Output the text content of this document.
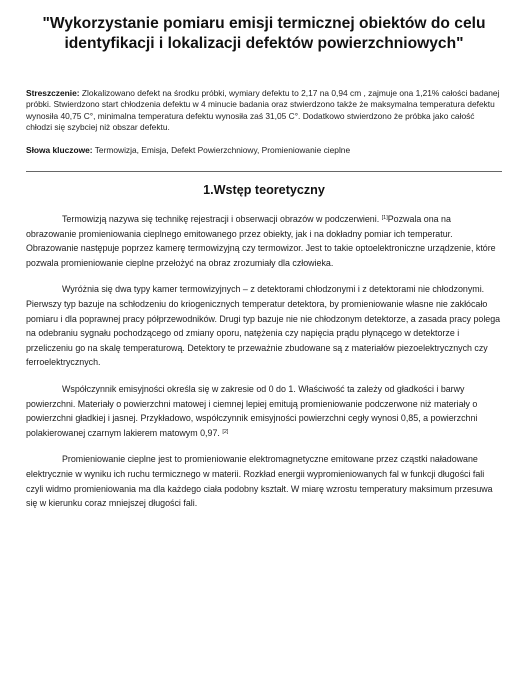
"Wykorzystanie pomiaru emisji termicznej obiektów do celu identyfikacji i lokalizacji defektów powierzchniowych"
Streszczenie: Zlokalizowano defekt na środku próbki, wymiary defektu to 2,17 na 0,94 cm , zajmuje ona 1,21% całości badanej próbki. Stwierdzono start chłodzenia defektu w 4 minucie badania oraz stwierdzono także że maksymalna temperatura defektu wynosiła 40,75 C°, minimalna temperatura defektu wynosiła zaś 31,05 C°. Dodatkowo stwierdzono że próbka jako całość chłodzi się szybciej niż obszar defektu.
Słowa kluczowe: Termowizja, Emisja, Defekt Powierzchniowy, Promieniowanie cieplne
1.Wstęp teoretyczny

Termowizją nazywa się technikę rejestracji i obserwacji obrazów w podczerwieni. [1]Pozwala ona na obrazowanie promieniowania cieplnego emitowanego przez obiekty, jak i na dokładny pomiar ich temperatur. Obrazowanie następuje poprzez kamerę termowizyjną czy termowizor. Jest to takie optoelektroniczne urządzenie, które pozwala promieniowanie cieplne przełożyć na obraz zrozumiały dla człowieka.

Wyróżnia się dwa typy kamer termowizyjnych – z detektorami chłodzonymi i z detektorami nie chłodzonymi. Pierwszy typ bazuje na schłodzeniu do kriogenicznych temperatur detektora, by promieniowanie własne nie zakłócało pomiaru i dla poprawnej pracy półprzewodników. Drugi typ bazuje nie nie chłodzonym detektorze, a zasada pracy polega na odebraniu sygnału pochodzącego od zmiany oporu, natężenia czy napięcia prądu płynącego w detektorze i przeliczeniu go na skalę temperaturową. Detektory te przeważnie zbudowane są z materiałów piezoelektrycznych czy ferroelektrycznych.

Współczynnik emisyjności określa się w zakresie od 0 do 1. Właściwość ta zależy od gładkości i barwy powierzchni. Materiały o powierzchni matowej i ciemnej lepiej emitują promieniowanie podczerwone niż materiały o powierzchni gładkiej i jasnej. Przykładowo, współczynnik emisyjności powierzchni cegły wynosi 0,85, a powierzchni polakierowanej czarnym lakierem matowym 0,97. [2]

Promieniowanie cieplne jest to promieniowanie elektromagnetyczne emitowane przez cząstki naładowane elektrycznie w wyniku ich ruchu termicznego w materii. Rozkład energii wypromieniowanych fal w funkcji długości fali czyli widmo promieniowania ma dla każdego ciała podobny kształt. W miarę wzrostu temperatury maksimum przesuwa się w kierunku coraz mniejszej długości fali.
